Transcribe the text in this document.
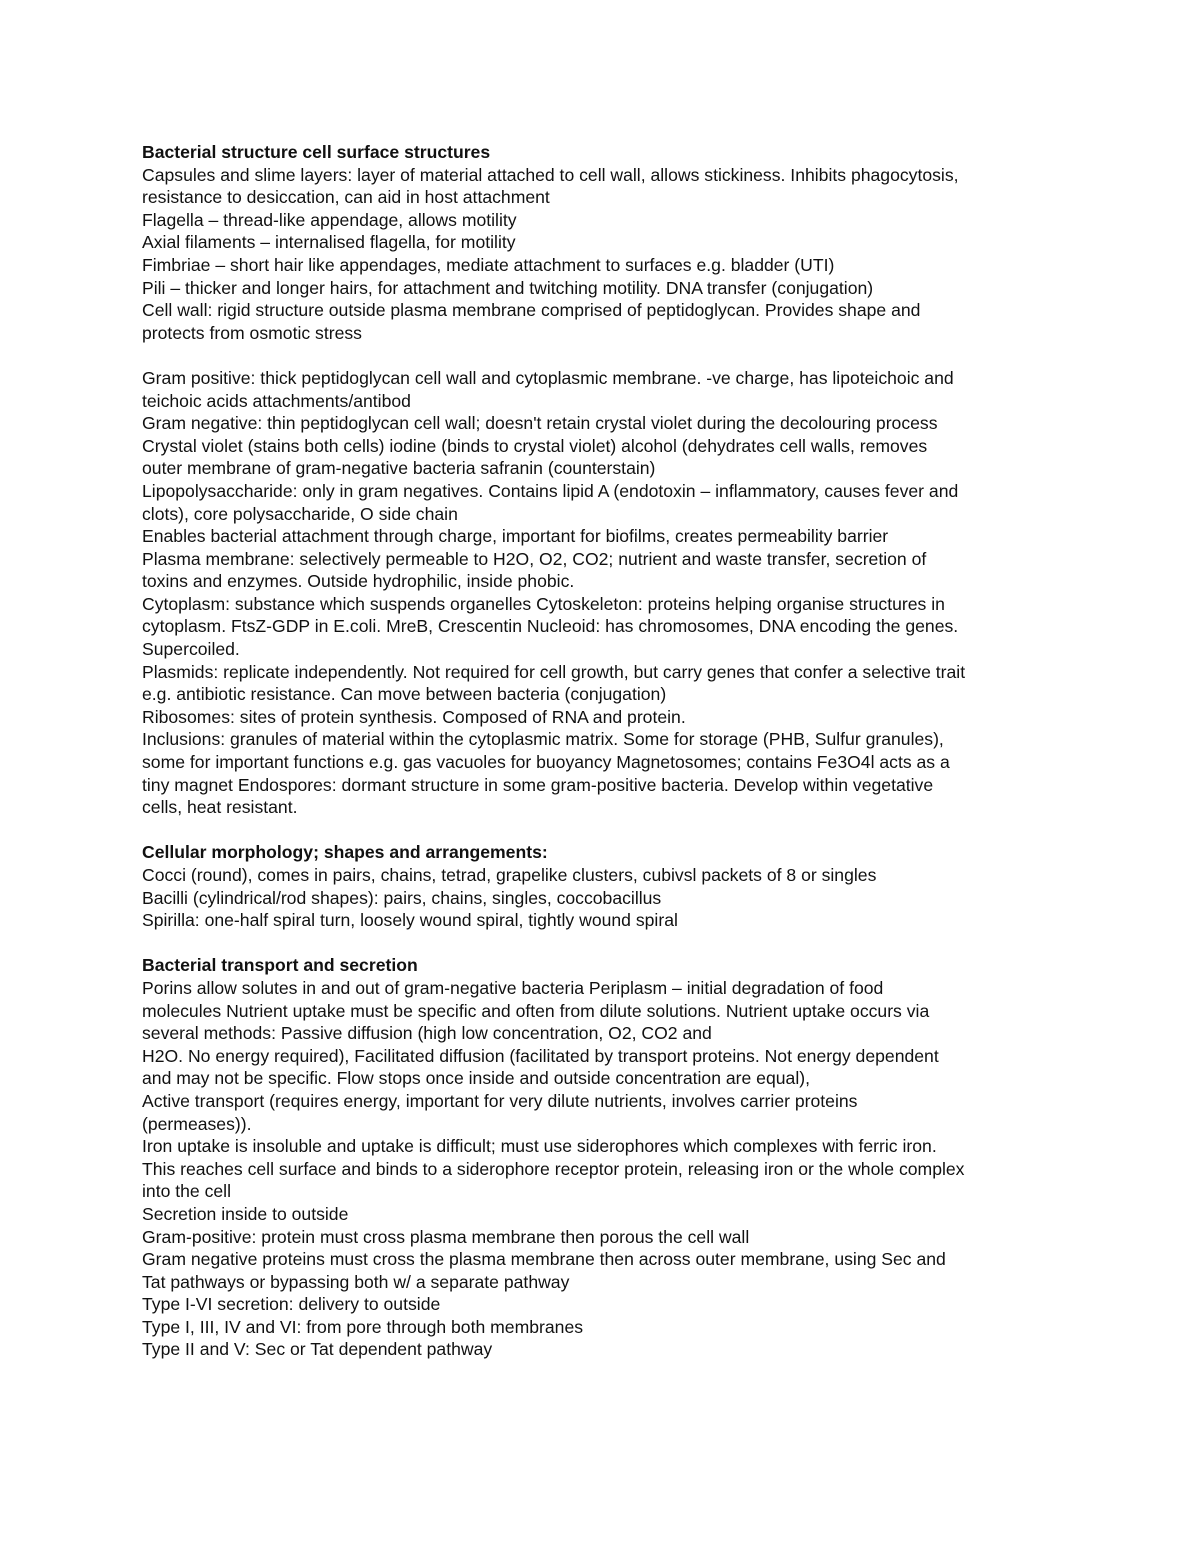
Bacterial structure cell surface structures
Capsules and slime layers: layer of material attached to cell wall, allows stickiness. Inhibits phagocytosis,
resistance to desiccation, can aid in host attachment
Flagella – thread-like appendage, allows motility
Axial filaments – internalised flagella, for motility
Fimbriae – short hair like appendages, mediate attachment to surfaces e.g. bladder (UTI)
Pili – thicker and longer hairs, for attachment and twitching motility. DNA transfer (conjugation)
Cell wall: rigid structure outside plasma membrane comprised of peptidoglycan. Provides shape and
protects from osmotic stress
Gram positive: thick peptidoglycan cell wall and cytoplasmic membrane. -ve charge, has lipoteichoic and
teichoic acids attachments/antibod
Gram negative: thin peptidoglycan cell wall; doesn't retain crystal violet during the decolouring process
Crystal violet (stains both cells) iodine (binds to crystal violet) alcohol (dehydrates cell walls, removes
outer membrane of gram-negative bacteria safranin (counterstain)
Lipopolysaccharide: only in gram negatives. Contains lipid A (endotoxin – inflammatory, causes fever and
clots), core polysaccharide, O side chain
Enables bacterial attachment through charge, important for biofilms, creates permeability barrier
Plasma membrane: selectively permeable to H2O, O2, CO2; nutrient and waste transfer, secretion of
toxins and enzymes. Outside hydrophilic, inside phobic.
Cytoplasm: substance which suspends organelles Cytoskeleton: proteins helping organise structures in
cytoplasm. FtsZ-GDP in E.coli. MreB, Crescentin Nucleoid: has chromosomes, DNA encoding the genes.
Supercoiled.
Plasmids: replicate independently. Not required for cell growth, but carry genes that confer a selective trait
e.g. antibiotic resistance. Can move between bacteria (conjugation)
Ribosomes: sites of protein synthesis. Composed of RNA and protein.
Inclusions: granules of material within the cytoplasmic matrix. Some for storage (PHB, Sulfur granules),
some for important functions e.g. gas vacuoles for buoyancy Magnetosomes; contains Fe3O4l acts as a
tiny magnet Endospores: dormant structure in some gram-positive bacteria. Develop within vegetative
cells, heat resistant.
Cellular morphology; shapes and arrangements:
Cocci (round), comes in pairs, chains, tetrad, grapelike clusters, cubivsl packets of 8 or singles
Bacilli (cylindrical/rod shapes): pairs, chains, singles, coccobacillus
Spirilla: one-half spiral turn, loosely wound spiral, tightly wound spiral
Bacterial transport and secretion
Porins allow solutes in and out of gram-negative bacteria Periplasm – initial degradation of food
molecules Nutrient uptake must be specific and often from dilute solutions. Nutrient uptake occurs via
several methods: Passive diffusion (high low concentration, O2, CO2 and
H2O. No energy required), Facilitated diffusion (facilitated by transport proteins. Not energy dependent
and may not be specific. Flow stops once inside and outside concentration are equal),
Active transport (requires energy, important for very dilute nutrients, involves carrier proteins
(permeases)).
Iron uptake is insoluble and uptake is difficult; must use siderophores which complexes with ferric iron.
This reaches cell surface and binds to a siderophore receptor protein, releasing iron or the whole complex
into the cell
Secretion inside to outside
Gram-positive: protein must cross plasma membrane then porous the cell wall
Gram negative proteins must cross the plasma membrane then across outer membrane, using Sec and
Tat pathways or bypassing both w/ a separate pathway
Type I-VI secretion: delivery to outside
Type I, III, IV and VI: from pore through both membranes
Type II and V: Sec or Tat dependent pathway
